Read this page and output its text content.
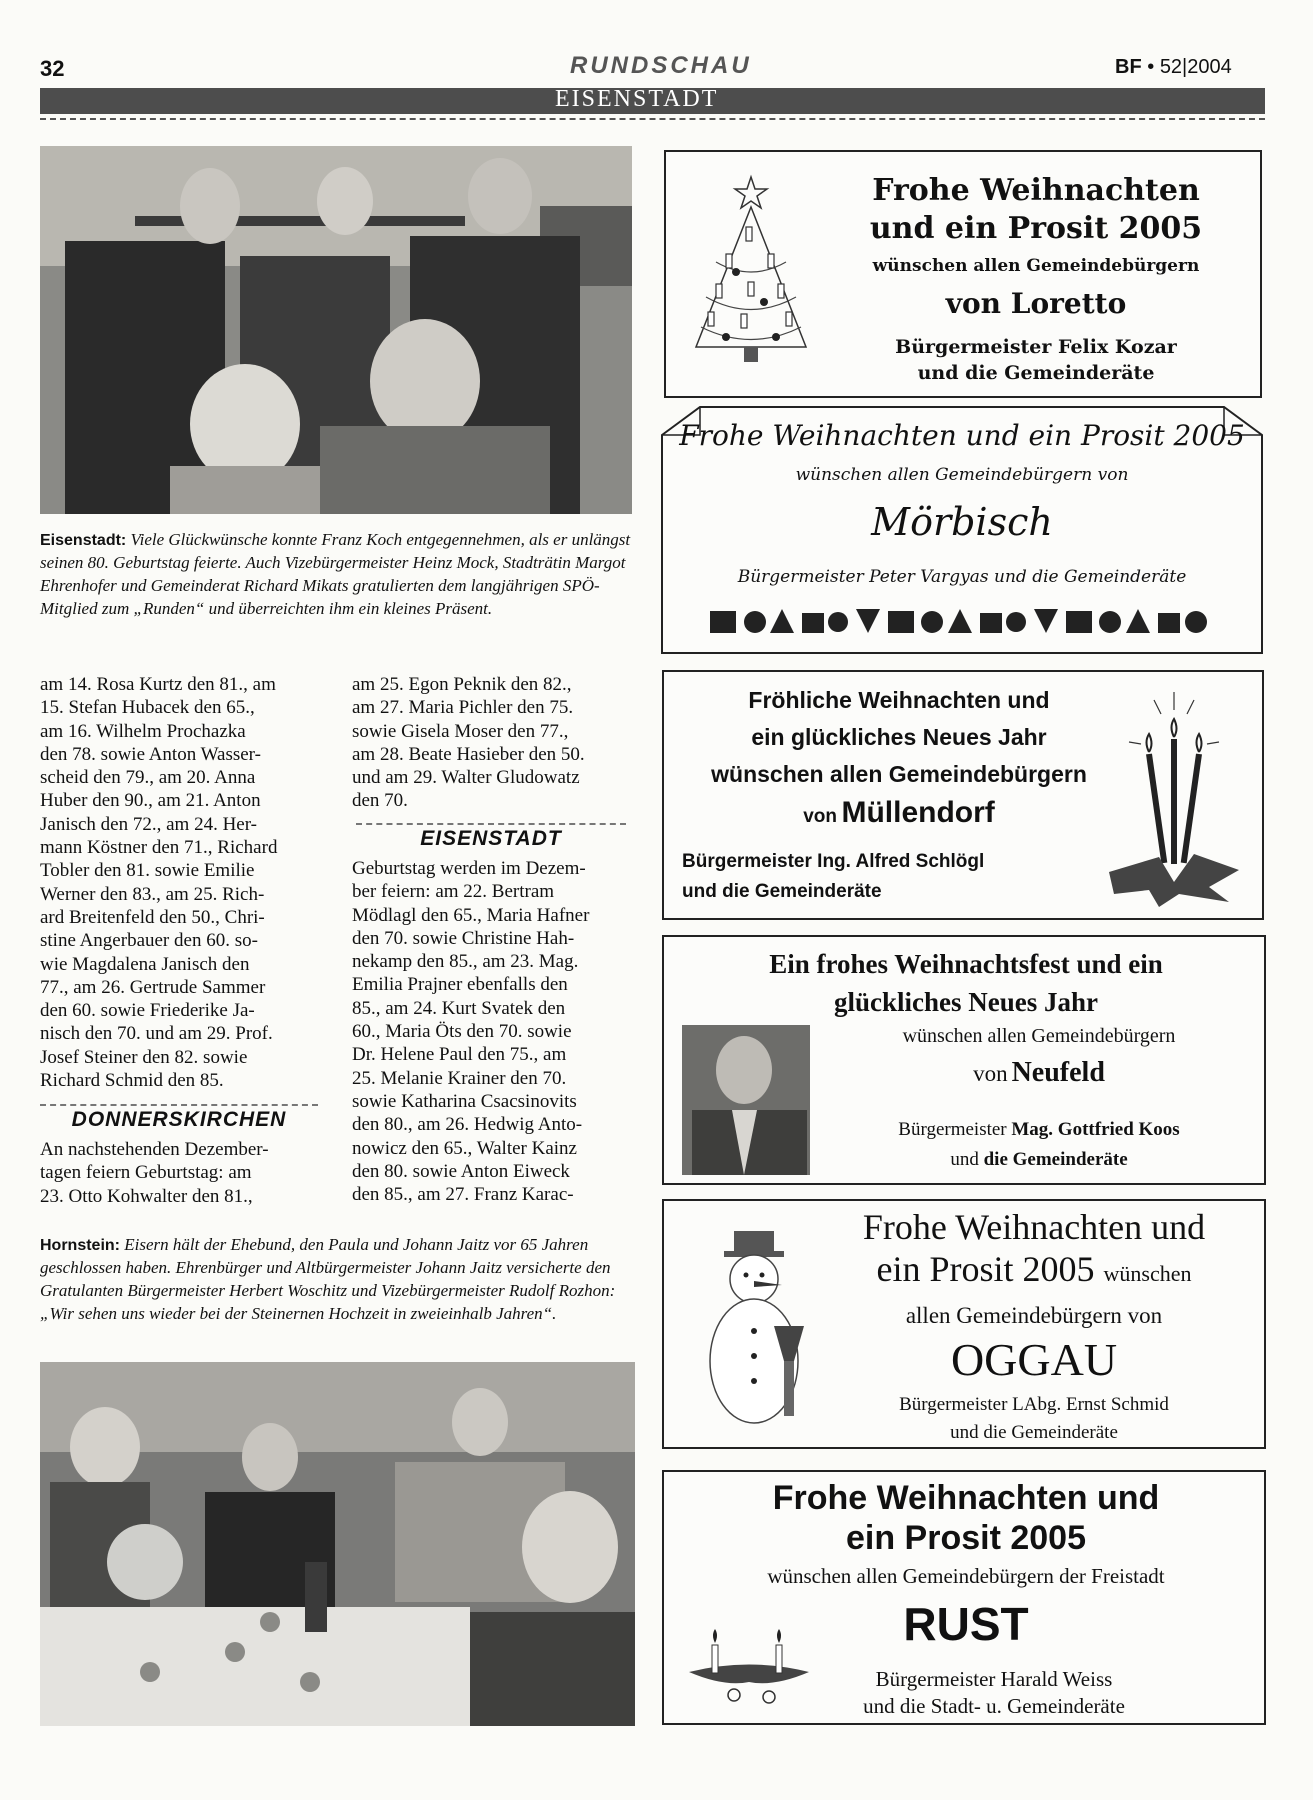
32	RUNDSCHAU	BF • 52|2004
EISENSTADT
Eisenstadt: Viele Glückwünsche konnte Franz Koch entgegennehmen, als er unlängst seinen 80. Geburtstag feierte. Auch Vizebürgermeister Heinz Mock, Stadträtin Margot Ehrenhofer und Gemeinderat Richard Mikats gratulierten dem langjährigen SPÖ-Mitglied zum „Runden“ und überreichten ihm ein kleines Präsent.
am 14. Rosa Kurtz den 81., am
15. Stefan Hubacek den 65.,
am 16. Wilhelm Prochazka
den 78. sowie Anton Wasser-
scheid den 79., am 20. Anna
Huber den 90., am 21. Anton
Janisch den 72., am 24. Her-
mann Köstner den 71., Richard
Tobler den 81. sowie Emilie
Werner den 83., am 25. Rich-
ard Breitenfeld den 50., Chri-
stine Angerbauer den 60. so-
wie Magdalena Janisch den
77., am 26. Gertrude Sammer
den 60. sowie Friederike Ja-
nisch den 70. und am 29. Prof.
Josef Steiner den 82. sowie
Richard Schmid den 85.
DONNERSKIRCHEN
An nachstehenden Dezember-
tagen feiern Geburtstag: am
23. Otto Kohwalter den 81.,
am 25. Egon Peknik den 82.,
am 27. Maria Pichler den 75.
sowie Gisela Moser den 77.,
am 28. Beate Hasieber den 50.
und am 29. Walter Gludowatz
den 70.
EISENSTADT
Geburtstag werden im Dezem-
ber feiern: am 22. Bertram
Mödlagl den 65., Maria Hafner
den 70. sowie Christine Hah-
nekamp den 85., am 23. Mag.
Emilia Prajner ebenfalls den
85., am 24. Kurt Svatek den
60., Maria Öts den 70. sowie
Dr. Helene Paul den 75., am
25. Melanie Krainer den 70.
sowie Katharina Csacsinovits
den 80., am 26. Hedwig Anto-
nowicz den 65., Walter Kainz
den 80. sowie Anton Eiweck
den 85., am 27. Franz Karac-
Hornstein: Eisern hält der Ehebund, den Paula und Johann Jaitz vor 65 Jahren geschlossen haben. Ehrenbürger und Altbürgermeister Johann Jaitz versicherte den Gratulanten Bürgermeister Herbert Woschitz und Vizebürgermeister Rudolf Rozhon: „Wir sehen uns wieder bei der Steinernen Hochzeit in zweieinhalb Jahren“.
Frohe Weihnachten
und ein Prosit 2005
wünschen allen Gemeindebürgern
von Loretto
Bürgermeister Felix Kozar
und die Gemeinderäte
Frohe Weihnachten und ein Prosit 2005
wünschen allen Gemeindebürgern von
Mörbisch
Bürgermeister Peter Vargyas und die Gemeinderäte
Fröhliche Weihnachten und
ein glückliches Neues Jahr
wünschen allen Gemeindebürgern
von Müllendorf
Bürgermeister Ing. Alfred Schlögl
und die Gemeinderäte
Ein frohes Weihnachtsfest und ein
glückliches Neues Jahr
wünschen allen Gemeindebürgern
von Neufeld
Bürgermeister Mag. Gottfried Koos
und die Gemeinderäte
Frohe Weihnachten und
ein Prosit 2005 wünschen
allen Gemeindebürgern von
OGGAU
Bürgermeister LAbg. Ernst Schmid
und die Gemeinderäte
Frohe Weihnachten und
ein Prosit 2005
wünschen allen Gemeindebürgern der Freistadt
RUST
Bürgermeister Harald Weiss
und die Stadt- u. Gemeinderäte
